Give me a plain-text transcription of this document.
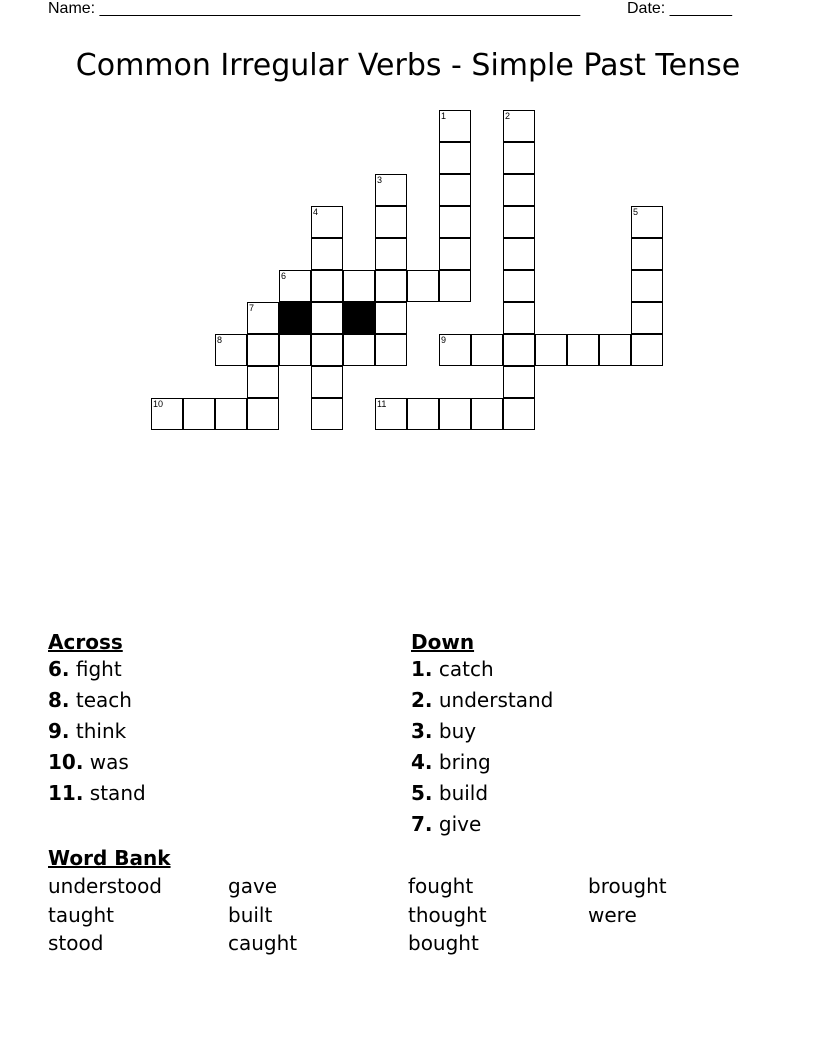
Name: ______________________________________________________	Date: _______
Common Irregular Verbs - Simple Past Tense
1	2
3
4	5
6
7
8	9
10	11
Across
6. fight
8. teach
9. think
10. was
11. stand
Down
1. catch
2. understand
3. buy
4. bring
5. build
7. give
Word Bank
understood
taught
stood
gave
built
caught
fought
thought
bought
brought
were
